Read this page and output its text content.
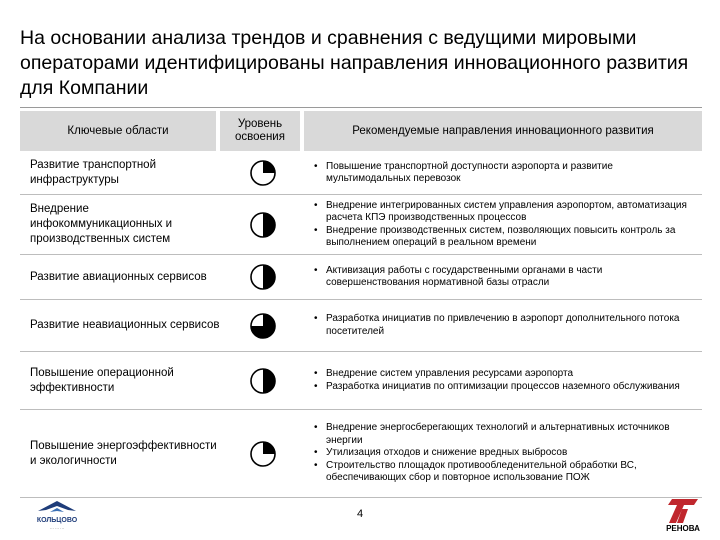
На основании анализа трендов и сравнения с ведущими мировыми операторами идентифицированы направления инновационного развития для Компании
Ключевые области
Уровень освоения
Рекомендуемые направления инновационного развития
Развитие транспортной инфраструктуры
• Повышение транспортной доступности аэропорта и развитие мультимодальных перевозок
Внедрение инфокоммуникационных и производственных систем
• Внедрение интегрированных систем управления аэропортом, автоматизация расчета КПЭ производственных процессов
• Внедрение производственных систем, позволяющих повысить контроль за выполнением операций в реальном времени
Развитие авиационных сервисов
• Активизация работы с государственными органами в части совершенствования нормативной базы отрасли
Развитие неавиационных сервисов
• Разработка инициатив по привлечению в аэропорт дополнительного потока посетителей
Повышение операционной эффективности
• Внедрение систем управления ресурсами аэропорта
• Разработка инициатив по оптимизации процессов наземного обслуживания
Повышение энергоэффективности и экологичности
• Внедрение энергосберегающих технологий и альтернативных источников энергии
• Утилизация отходов и снижение вредных выбросов
• Строительство площадок противообледенительной обработки ВС, обеспечивающих сбор и повторное использование ПОЖ
КОЛЬЦОВО
··· ··· ···
4
РЕНОВА
